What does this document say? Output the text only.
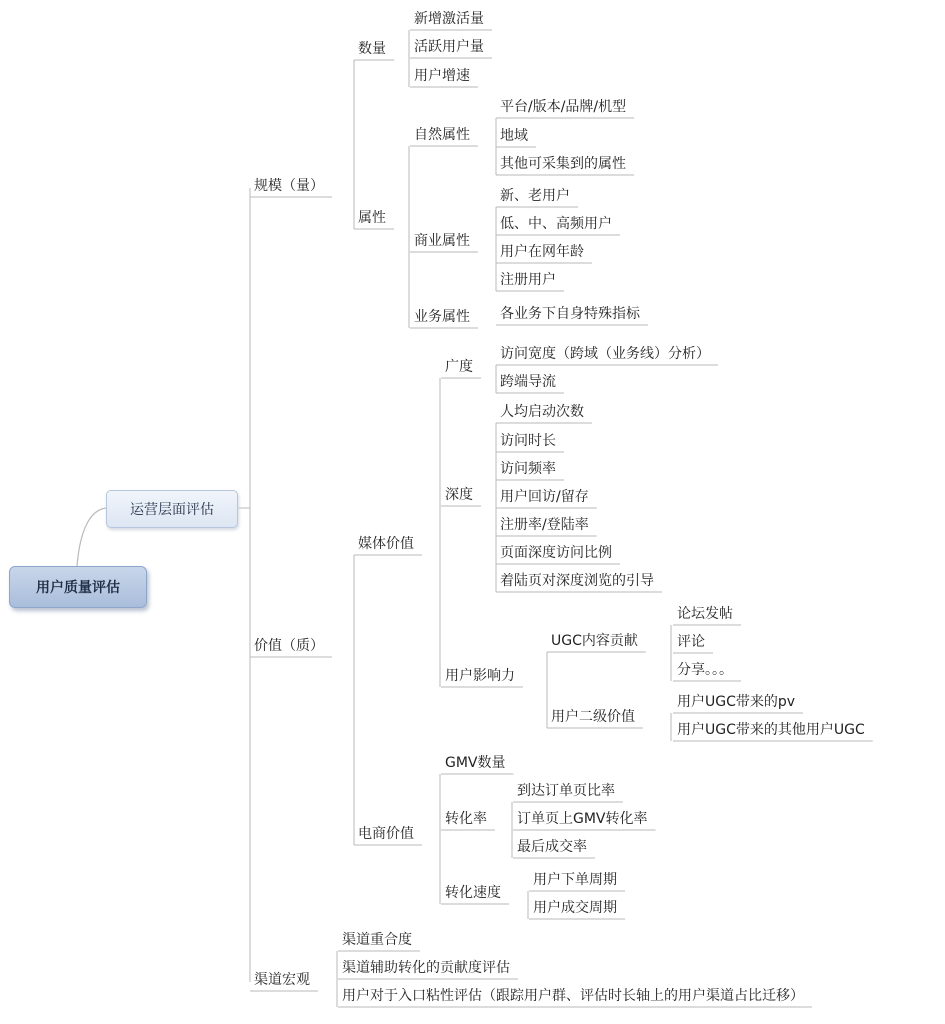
用户质量评估
运营层面评估
规模（量）
价值（质）
渠道宏观
数量
新增激活量
活跃用户量
用户增速
属性
自然属性
平台/版本/品牌/机型
地域
其他可采集到的属性
商业属性
新、老用户
低、中、高频用户
用户在网年龄
注册用户
业务属性 各业务下自身特殊指标
媒体价值
广度
访问宽度（跨域（业务线）分析）
跨端导流
深度
人均启动次数
访问时长
访问频率
用户回访/留存
注册率/登陆率
页面深度访问比例
着陆页对深度浏览的引导
用户影响力
UGC内容贡献
论坛发帖
评论
分享。。。
用户二级价值
用户UGC带来的pv
用户UGC带来的其他用户UGC
电商价值
GMV数量
转化率
到达订单页比率
订单页上GMV转化率
最后成交率
转化速度
用户下单周期
用户成交周期
渠道重合度
渠道辅助转化的贡献度评估
用户对于入口粘性评估（跟踪用户群、评估时长轴上的用户渠道占比迁移）
